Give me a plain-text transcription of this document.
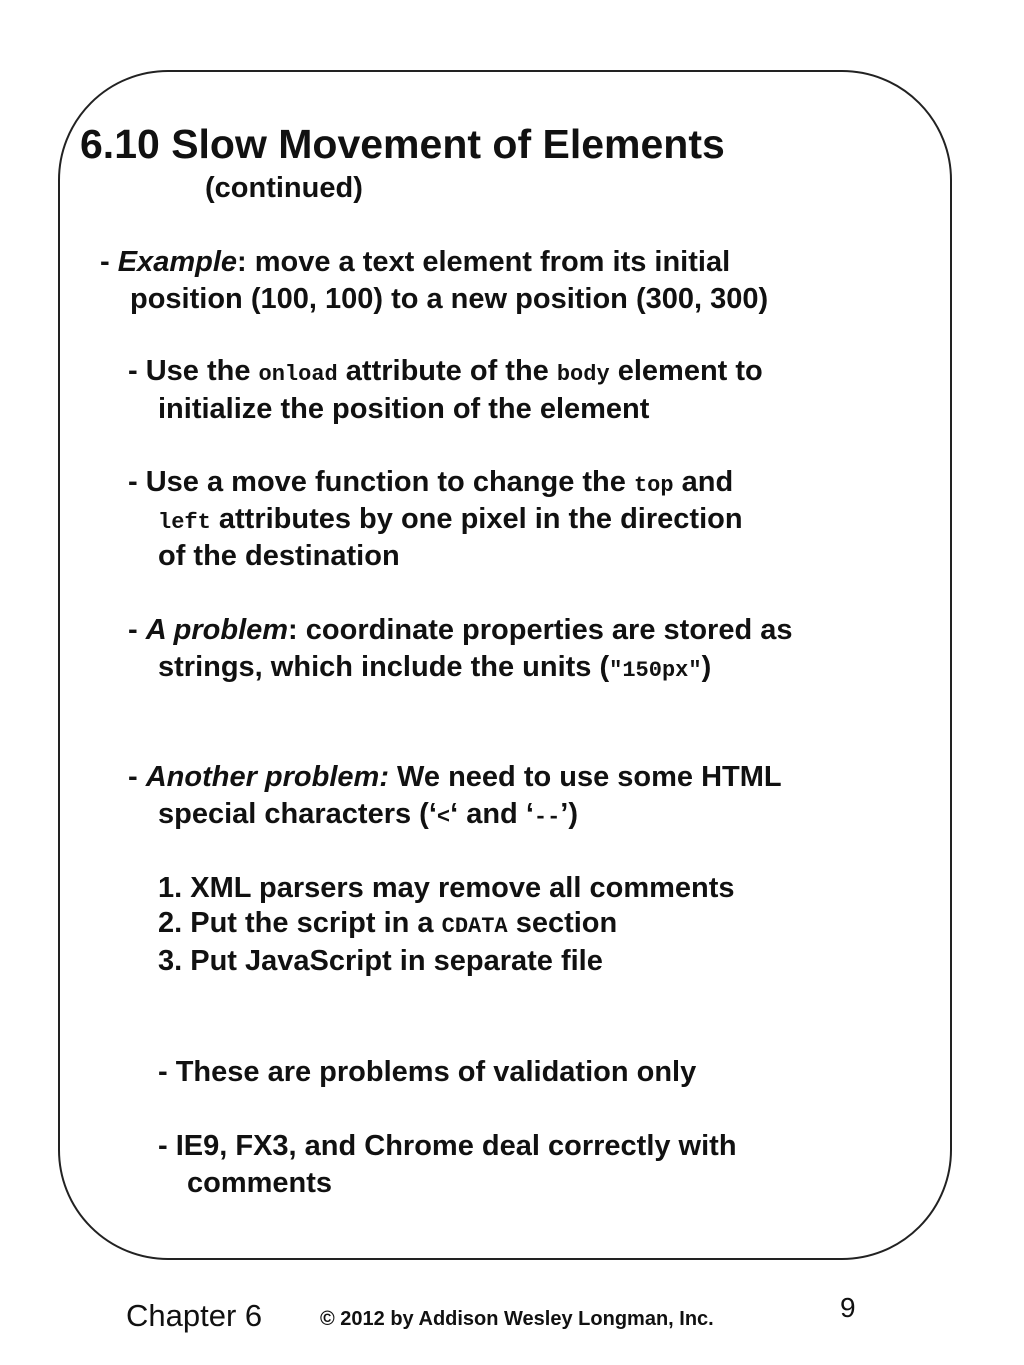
6.10 Slow Movement of Elements
(continued)
- Example: move a text element from its initial
position (100, 100) to a new position (300, 300)
- Use the onload attribute of the body element to
initialize the position of the element
- Use a move function to change the top and
left attributes by one pixel in the direction
of the destination
- A problem: coordinate properties are stored as
strings, which include the units ("150px")
- Another problem: We need to use some HTML
special characters (‘<‘ and ‘--’)
1. XML parsers may remove all comments
2. Put the script in a CDATA section
3. Put JavaScript in separate file
- These are problems of validation only
- IE9, FX3, and Chrome deal correctly with
comments
Chapter 6	© 2012 by Addison Wesley Longman, Inc.	9
